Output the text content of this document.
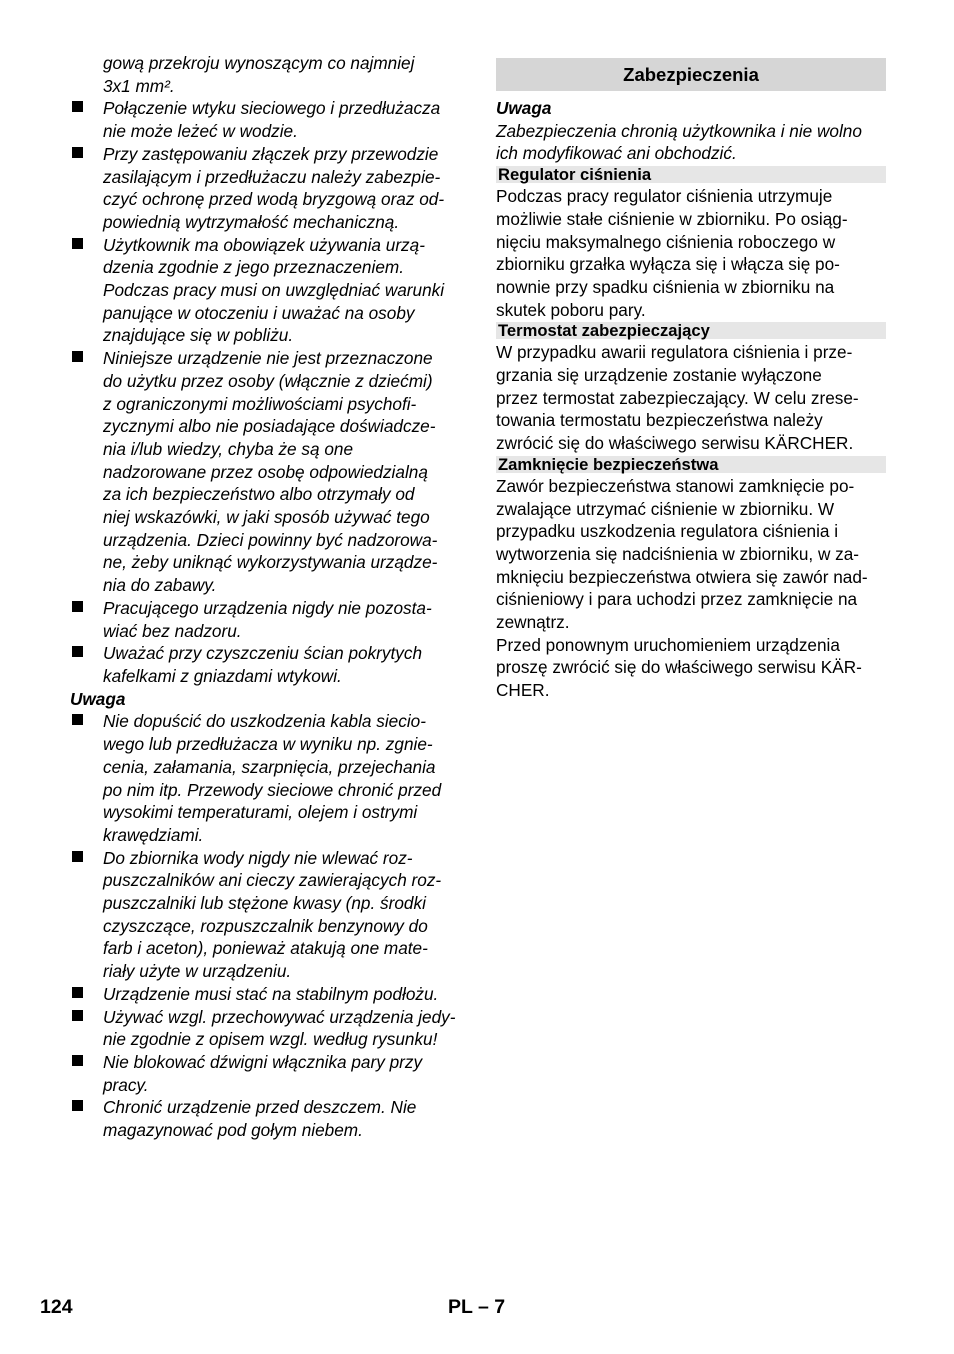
gową przekroju wynoszącym co najmniej
3x1 mm².
Połączenie wtyku sieciowego i przedłużacza
nie może leżeć w wodzie.
Przy zastępowaniu złączek przy przewodzie
zasilającym i przedłużaczu należy zabezpie-
czyć ochronę przed wodą bryzgową oraz od-
powiednią wytrzymałość mechaniczną.
Użytkownik ma obowiązek używania urzą-
dzenia zgodnie z jego przeznaczeniem.
Podczas pracy musi on uwzględniać warunki
panujące w otoczeniu i uważać na osoby
znajdujące się w pobliżu.
Niniejsze urządzenie nie jest przeznaczone
do użytku przez osoby (włącznie z dziećmi)
z ograniczonymi możliwościami psychofi-
zycznymi albo nie posiadające doświadcze-
nia i/lub wiedzy, chyba że są one
nadzorowane przez osobę odpowiedzialną
za ich bezpieczeństwo albo otrzymały od
niej wskazówki, w jaki sposób używać tego
urządzenia. Dzieci powinny być nadzorowa-
ne, żeby uniknąć wykorzystywania urządze-
nia do zabawy.
Pracującego urządzenia nigdy nie pozosta-
wiać bez nadzoru.
Uważać przy czyszczeniu ścian pokrytych
kafelkami z gniazdami wtykowi.
Uwaga
Nie dopuścić do uszkodzenia kabla siecio-
wego lub przedłużacza w wyniku np. zgnie-
cenia, załamania, szarpnięcia, przejechania
po nim itp. Przewody sieciowe chronić przed
wysokimi temperaturami, olejem i ostrymi
krawędziami.
Do zbiornika wody nigdy nie wlewać roz-
puszczalników ani cieczy zawierających roz-
puszczalniki lub stężone kwasy (np. środki
czyszczące, rozpuszczalnik benzynowy do
farb i aceton), ponieważ atakują one mate-
riały użyte w urządzeniu.
Urządzenie musi stać na stabilnym podłożu.
Używać wzgl. przechowywać urządzenia jedy-
nie zgodnie z opisem wzgl. według rysunku!
Nie blokować dźwigni włącznika pary przy
pracy.
Chronić urządzenie przed deszczem. Nie
magazynować pod gołym niebem.
Zabezpieczenia
Uwaga
Zabezpieczenia chronią użytkownika i nie wolno
ich modyfikować ani obchodzić.
Regulator ciśnienia
Podczas pracy regulator ciśnienia utrzymuje
możliwie stałe ciśnienie w zbiorniku. Po osiąg-
nięciu maksymalnego ciśnienia roboczego w
zbiorniku grzałka wyłącza się i włącza się po-
nownie przy spadku ciśnienia w zbiorniku na
skutek poboru pary.
Termostat zabezpieczający
W przypadku awarii regulatora ciśnienia i prze-
grzania się urządzenie zostanie wyłączone
przez termostat zabezpieczający. W celu zrese-
towania termostatu bezpieczeństwa należy
zwrócić się do właściwego serwisu KÄRCHER.
Zamknięcie bezpieczeństwa
Zawór bezpieczeństwa stanowi zamknięcie po-
zwalające utrzymać ciśnienie w zbiorniku. W
przypadku uszkodzenia regulatora ciśnienia i
wytworzenia się nadciśnienia w zbiorniku, w za-
mknięciu bezpieczeństwa otwiera się zawór nad-
ciśnieniowy i para uchodzi przez zamknięcie na
zewnątrz.
Przed ponownym uruchomieniem urządzenia
proszę zwrócić się do właściwego serwisu KÄR-
CHER.
124	PL – 7
